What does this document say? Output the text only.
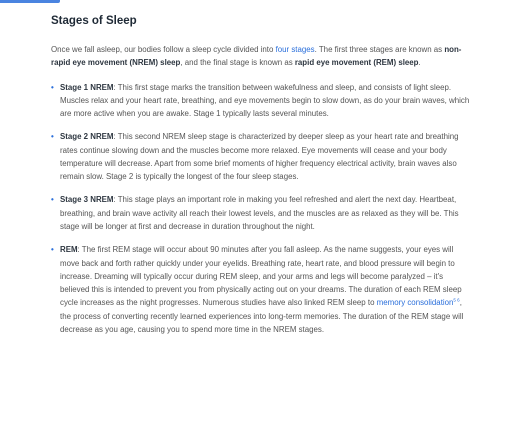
Stages of Sleep

Once we fall asleep, our bodies follow a sleep cycle divided into four stages. The first three stages are known as non-rapid eye movement (NREM) sleep, and the final stage is known as rapid eye movement (REM) sleep.

• Stage 1 NREM: This first stage marks the transition between wakefulness and sleep, and consists of light sleep. Muscles relax and your heart rate, breathing, and eye movements begin to slow down, as do your brain waves, which are more active when you are awake. Stage 1 typically lasts several minutes.
• Stage 2 NREM: This second NREM sleep stage is characterized by deeper sleep as your heart rate and breathing rates continue slowing down and the muscles become more relaxed. Eye movements will cease and your body temperature will decrease. Apart from some brief moments of higher frequency electrical activity, brain waves also remain slow. Stage 2 is typically the longest of the four sleep stages.
• Stage 3 NREM: This stage plays an important role in making you feel refreshed and alert the next day. Heartbeat, breathing, and brain wave activity all reach their lowest levels, and the muscles are as relaxed as they will be. This stage will be longer at first and decrease in duration throughout the night.
• REM: The first REM stage will occur about 90 minutes after you fall asleep. As the name suggests, your eyes will move back and forth rather quickly under your eyelids. Breathing rate, heart rate, and blood pressure will begin to increase. Dreaming will typically occur during REM sleep, and your arms and legs will become paralyzed – it's believed this is intended to prevent you from physically acting out on your dreams. The duration of each REM sleep cycle increases as the night progresses. Numerous studies have also linked REM sleep to memory consolidation$^{5 6}$, the process of converting recently learned experiences into long-term memories. The duration of the REM stage will decrease as you age, causing you to spend more time in the NREM stages.
